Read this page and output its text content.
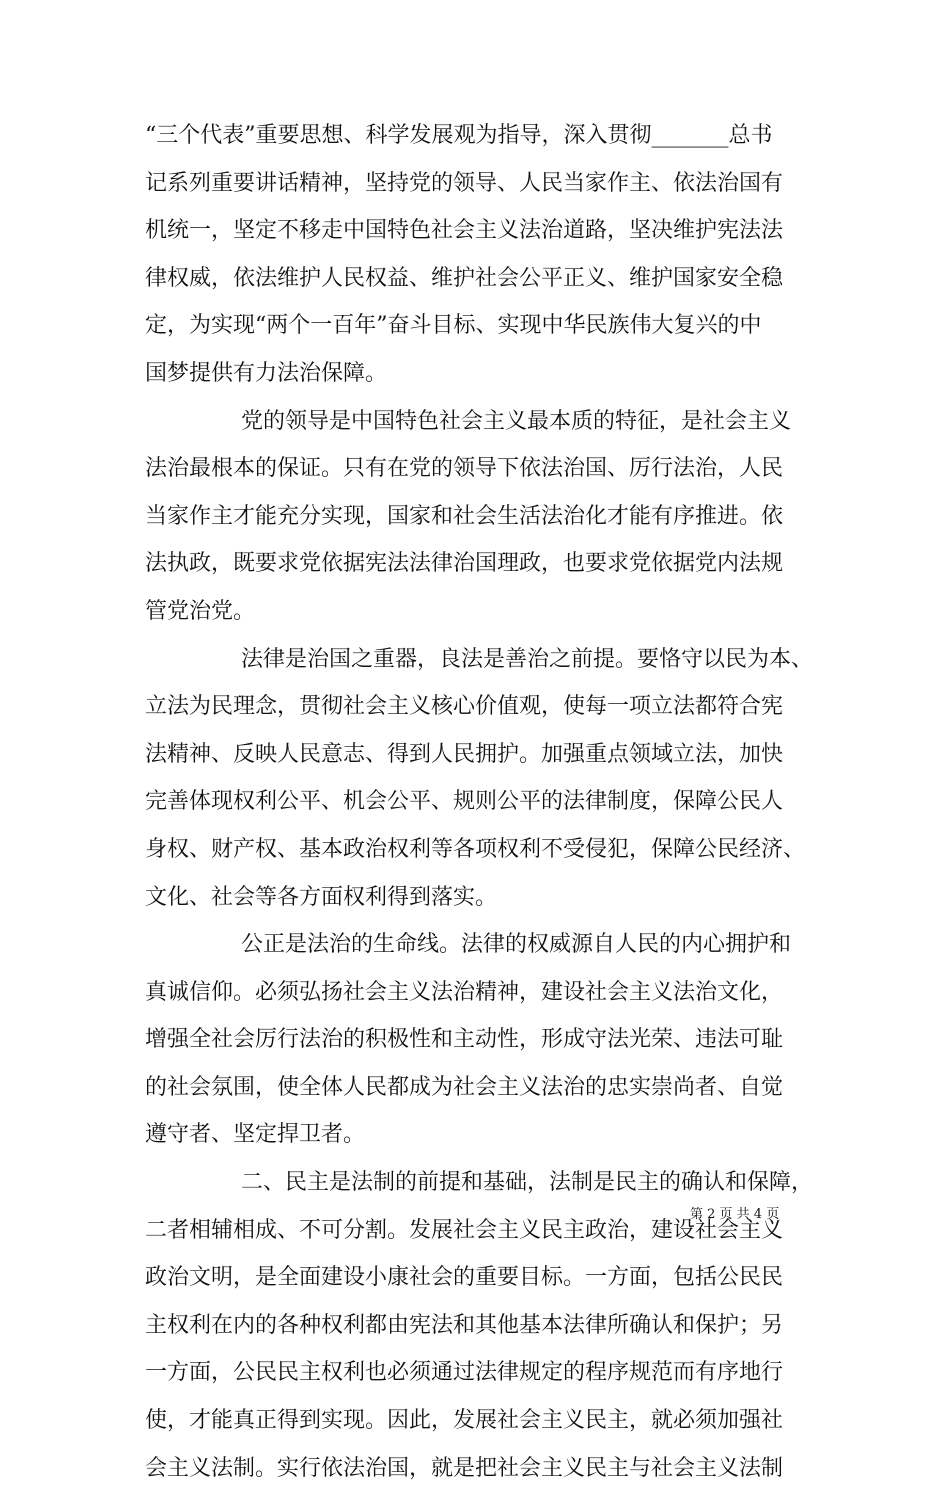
“三个代表”重要思想、科学发展观为指导，深入贯彻_______总书
记系列重要讲话精神，坚持党的领导、人民当家作主、依法治国有
机统一，坚定不移走中国特色社会主义法治道路，坚决维护宪法法
律权威，依法维护人民权益、维护社会公平正义、维护国家安全稳
定，为实现“两个一百年”奋斗目标、实现中华民族伟大复兴的中
国梦提供有力法治保障。
党的领导是中国特色社会主义最本质的特征，是社会主义
法治最根本的保证。只有在党的领导下依法治国、厉行法治，人民
当家作主才能充分实现，国家和社会生活法治化才能有序推进。依
法执政，既要求党依据宪法法律治国理政，也要求党依据党内法规
管党治党。
法律是治国之重器，良法是善治之前提。要恪守以民为本、
立法为民理念，贯彻社会主义核心价值观，使每一项立法都符合宪
法精神、反映人民意志、得到人民拥护。加强重点领域立法，加快
完善体现权利公平、机会公平、规则公平的法律制度，保障公民人
身权、财产权、基本政治权利等各项权利不受侵犯，保障公民经济、
文化、社会等各方面权利得到落实。
公正是法治的生命线。法律的权威源自人民的内心拥护和
真诚信仰。必须弘扬社会主义法治精神，建设社会主义法治文化，
增强全社会厉行法治的积极性和主动性，形成守法光荣、违法可耻
的社会氛围，使全体人民都成为社会主义法治的忠实崇尚者、自觉
遵守者、坚定捍卫者。
二、民主是法制的前提和基础，法制是民主的确认和保障，
二者相辅相成、不可分割。发展社会主义民主政治，建设社会主义
政治文明，是全面建设小康社会的重要目标。一方面，包括公民民
主权利在内的各种权利都由宪法和其他基本法律所确认和保护；另
一方面，公民民主权利也必须通过法律规定的程序规范而有序地行
使，才能真正得到实现。因此，发展社会主义民主，就必须加强社
会主义法制。实行依法治国，就是把社会主义民主与社会主义法制
第 2 页 共 4 页
